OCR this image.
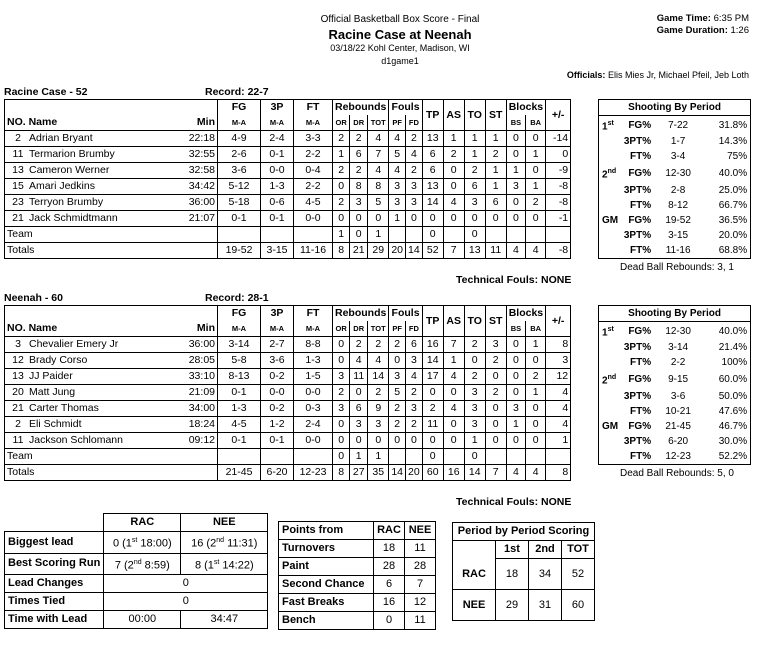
Official Basketball Box Score - Final
Racine Case at Neenah
03/18/22 Kohl Center, Madison, WI
d1game1
Game Time: 6:35 PM
Game Duration: 1:26
Officials: Elis Mies Jr, Michael Pfeil, Jeb Loth
Racine Case - 52	Record: 22-7
		FG	3P	FT	Rebounds			Fouls		TP	AS	TO	ST	Blocks		+/-
NO. Name	Min	M-A	M-A	M-A	OR	DR	TOT	PF	FD					BS	BA	
2 Adrian Bryant	22:18	4-9	2-4	3-3	2	2	4	4	2	13	1	1	1	0	0	-14
11 Termarion Brumby	32:55	2-6	0-1	2-2	1	6	7	5	4	6	2	1	2	0	1	0
13 Cameron Werner	32:58	3-6	0-0	0-4	2	2	4	4	2	6	0	2	1	1	0	-9
15 Amari Jedkins	34:42	5-12	1-3	2-2	0	8	8	3	3	13	0	6	1	3	1	-8
23 Terryon Brumby	36:00	5-18	0-6	4-5	2	3	5	3	3	14	4	3	6	0	2	-8
21 Jack Schmidtmann	21:07	0-1	0-1	0-0	0	0	0	1	0	0	0	0	0	0	0	-1
Team					1	0	1			0		0				
Totals		19-52	3-15	11-16	8	21	29	20	14	52	7	13	11	4	4	-8
Shooting By Period			
1st	FG%	7-22	31.8%
	3PT%	1-7	14.3%
	FT%	3-4	75%
2nd	FG%	12-30	40.0%
	3PT%	2-8	25.0%
	FT%	8-12	66.7%
GM	FG%	19-52	36.5%
	3PT%	3-15	20.0%
	FT%	11-16	68.8%
Dead Ball Rebounds: 3, 1
Technical Fouls: NONE
Neenah - 60	Record: 28-1
		FG	3P	FT	Rebounds			Fouls		TP	AS	TO	ST	Blocks		+/-
NO. Name	Min	M-A	M-A	M-A	OR	DR	TOT	PF	FD					BS	BA	
3 Chevalier Emery Jr	36:00	3-14	2-7	8-8	0	2	2	2	6	16	7	2	3	0	1	8
12 Brady Corso	28:05	5-8	3-6	1-3	0	4	4	0	3	14	1	0	2	0	0	3
13 JJ Paider	33:10	8-13	0-2	1-5	3	11	14	3	4	17	4	2	0	0	2	12
20 Matt Jung	21:09	0-1	0-0	0-0	2	0	2	5	2	0	0	3	2	0	1	4
21 Carter Thomas	34:00	1-3	0-2	0-3	3	6	9	2	3	2	4	3	0	3	0	4
2 Eli Schmidt	18:24	4-5	1-2	2-4	0	3	3	2	2	11	0	3	0	1	0	4
11 Jackson Schlomann	09:12	0-1	0-1	0-0	0	0	0	0	0	0	0	1	0	0	0	1
Team					0	1	1			0		0				
Totals		21-45	6-20	12-23	8	27	35	14	20	60	16	14	7	4	4	8
Shooting By Period			
1st	FG%	12-30	40.0%
	3PT%	3-14	21.4%
	FT%	2-2	100%
2nd	FG%	9-15	60.0%
	3PT%	3-6	50.0%
	FT%	10-21	47.6%
GM	FG%	21-45	46.7%
	3PT%	6-20	30.0%
	FT%	12-23	52.2%
Dead Ball Rebounds: 5, 0
Technical Fouls: NONE
	RAC	NEE
Biggest lead	0 (1st 18:00)	16 (2nd 11:31)
Best Scoring Run	7 (2nd 8:59)	8 (1st 14:22)
Lead Changes	0	
Times Tied	0	
Time with Lead	00:00	34:47
Points from	RAC	NEE
Turnovers	18	11
Paint	28	28
Second Chance	6	7
Fast Breaks	16	12
Bench	0	11
Period by Period Scoring			
	1st	2nd	TOT
RAC	18	34	52
NEE	29	31	60
